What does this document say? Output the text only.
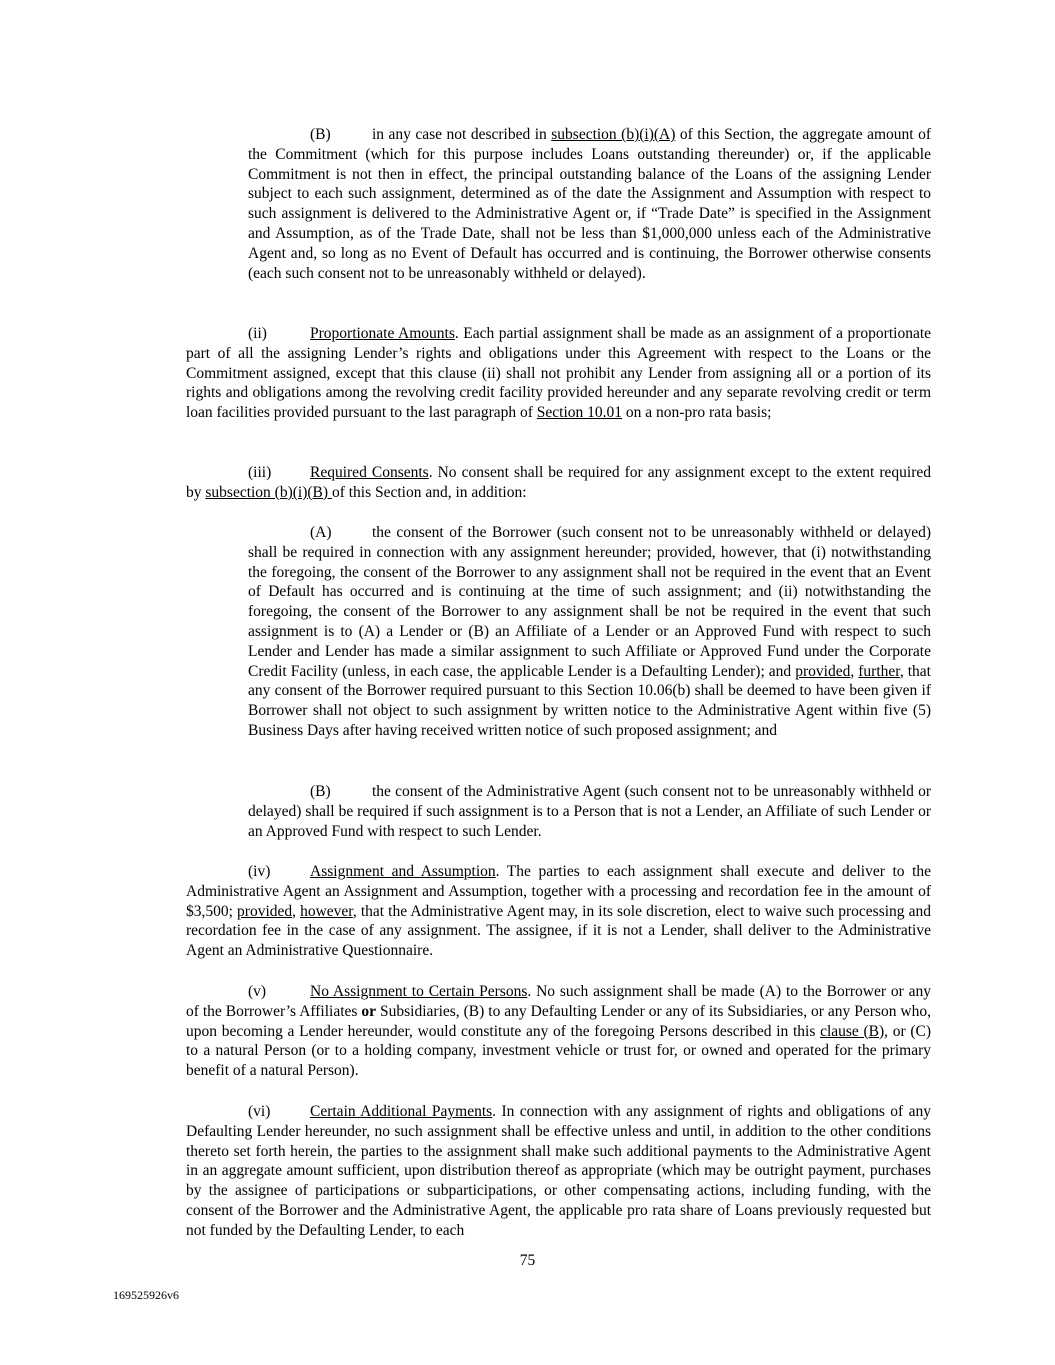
(B)	in any case not described in subsection (b)(i)(A) of this Section, the aggregate amount of the Commitment (which for this purpose includes Loans outstanding thereunder) or, if the applicable Commitment is not then in effect, the principal outstanding balance of the Loans of the assigning Lender subject to each such assignment, determined as of the date the Assignment and Assumption with respect to such assignment is delivered to the Administrative Agent or, if “Trade Date” is specified in the Assignment and Assumption, as of the Trade Date, shall not be less than $1,000,000 unless each of the Administrative Agent and, so long as no Event of Default has occurred and is continuing, the Borrower otherwise consents (each such consent not to be unreasonably withheld or delayed).

(ii)	Proportionate Amounts. Each partial assignment shall be made as an assignment of a proportionate part of all the assigning Lender’s rights and obligations under this Agreement with respect to the Loans or the Commitment assigned, except that this clause (ii) shall not prohibit any Lender from assigning all or a portion of its rights and obligations among the revolving credit facility provided hereunder and any separate revolving credit or term loan facilities provided pursuant to the last paragraph of Section 10.01 on a non-pro rata basis;

(iii)	Required Consents. No consent shall be required for any assignment except to the extent required by subsection (b)(i)(B) of this Section and, in addition:

(A)	the consent of the Borrower (such consent not to be unreasonably withheld or delayed) shall be required in connection with any assignment hereunder; provided, however, that (i) notwithstanding the foregoing, the consent of the Borrower to any assignment shall not be required in the event that an Event of Default has occurred and is continuing at the time of such assignment; and (ii) notwithstanding the foregoing, the consent of the Borrower to any assignment shall be not be required in the event that such assignment is to (A) a Lender or (B) an Affiliate of a Lender or an Approved Fund with respect to such Lender and Lender has made a similar assignment to such Affiliate or Approved Fund under the Corporate Credit Facility (unless, in each case, the applicable Lender is a Defaulting Lender); and provided, further, that any consent of the Borrower required pursuant to this Section 10.06(b) shall be deemed to have been given if Borrower shall not object to such assignment by written notice to the Administrative Agent within five (5) Business Days after having received written notice of such proposed assignment; and

(B)	the consent of the Administrative Agent (such consent not to be unreasonably withheld or delayed) shall be required if such assignment is to a Person that is not a Lender, an Affiliate of such Lender or an Approved Fund with respect to such Lender.

(iv)	Assignment and Assumption. The parties to each assignment shall execute and deliver to the Administrative Agent an Assignment and Assumption, together with a processing and recordation fee in the amount of $3,500; provided, however, that the Administrative Agent may, in its sole discretion, elect to waive such processing and recordation fee in the case of any assignment. The assignee, if it is not a Lender, shall deliver to the Administrative Agent an Administrative Questionnaire.

(v)	No Assignment to Certain Persons. No such assignment shall be made (A) to the Borrower or any of the Borrower’s Affiliates or Subsidiaries, (B) to any Defaulting Lender or any of its Subsidiaries, or any Person who, upon becoming a Lender hereunder, would constitute any of the foregoing Persons described in this clause (B), or (C) to a natural Person (or to a holding company, investment vehicle or trust for, or owned and operated for the primary benefit of a natural Person).

(vi)	Certain Additional Payments. In connection with any assignment of rights and obligations of any Defaulting Lender hereunder, no such assignment shall be effective unless and until, in addition to the other conditions thereto set forth herein, the parties to the assignment shall make such additional payments to the Administrative Agent in an aggregate amount sufficient, upon distribution thereof as appropriate (which may be outright payment, purchases by the assignee of participations or subparticipations, or other compensating actions, including funding, with the consent of the Borrower and the Administrative Agent, the applicable pro rata share of Loans previously requested but not funded by the Defaulting Lender, to each

75
169525926v6
